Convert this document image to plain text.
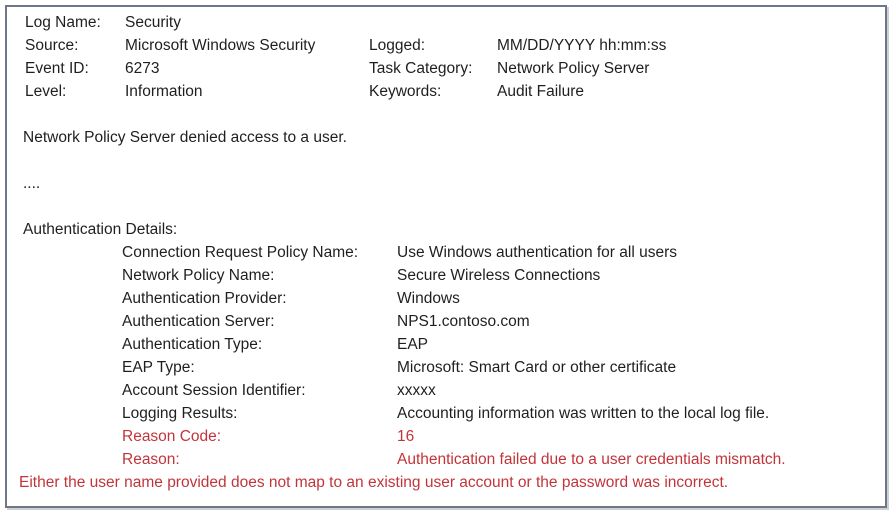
Log Name: Security
Source:	Microsoft Windows Security	Logged:	MM/DD/YYYY hh:mm:ss
Event ID: 6273	Task Category: Network Policy Server
Level:	Information	Keywords:	Audit Failure
Network Policy Server denied access to a user.
....
Authentication Details:
Connection Request Policy Name:	Use Windows authentication for all users
Network Policy Name:	Secure Wireless Connections
Authentication Provider:	Windows
Authentication Server:	NPS1.contoso.com
Authentication Type:	EAP
EAP Type:	Microsoft: Smart Card or other certificate
Account Session Identifier:	xxxxx
Logging Results:	Accounting information was written to the local log file.
Reason Code:	16
Reason:	Authentication failed due to a user credentials mismatch.
Either the user name provided does not map to an existing user account or the password was incorrect.
